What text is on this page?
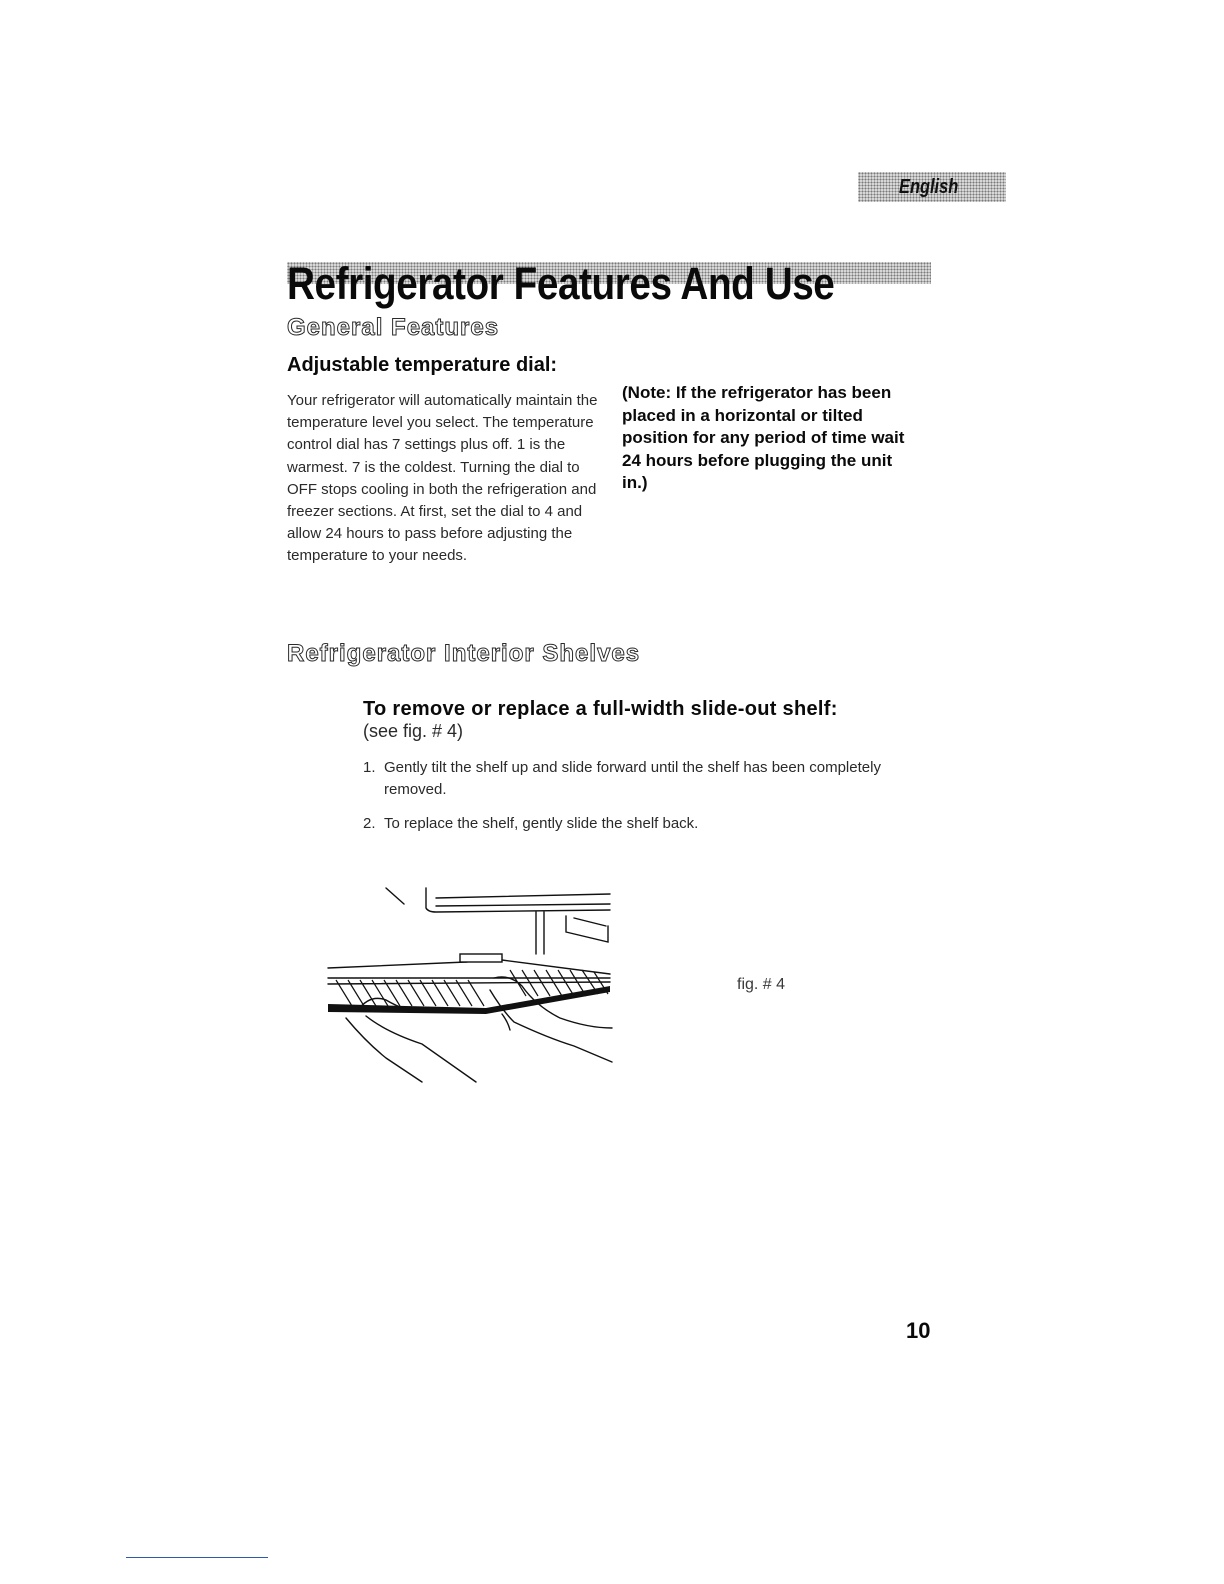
English
Refrigerator Features And Use
General Features
Adjustable temperature dial:
Your refrigerator will automatically maintain the temperature level you select. The temperature control dial has 7 settings plus off. 1 is the warmest. 7 is the coldest. Turning the dial to OFF stops cooling in both the refrigeration and freezer sections. At first, set the dial to 4 and allow 24 hours to pass before adjusting the temperature to your needs.
(Note: If the refrigerator has been placed in a horizontal or tilted position for any period of time wait 24 hours before plugging the unit in.)
Refrigerator Interior Shelves
To remove or replace a full-width slide-out shelf:
(see fig. # 4)
1. Gently tilt the shelf up and slide forward until the shelf has been completely removed.
2. To replace the shelf, gently slide the shelf back.
fig. # 4
10
